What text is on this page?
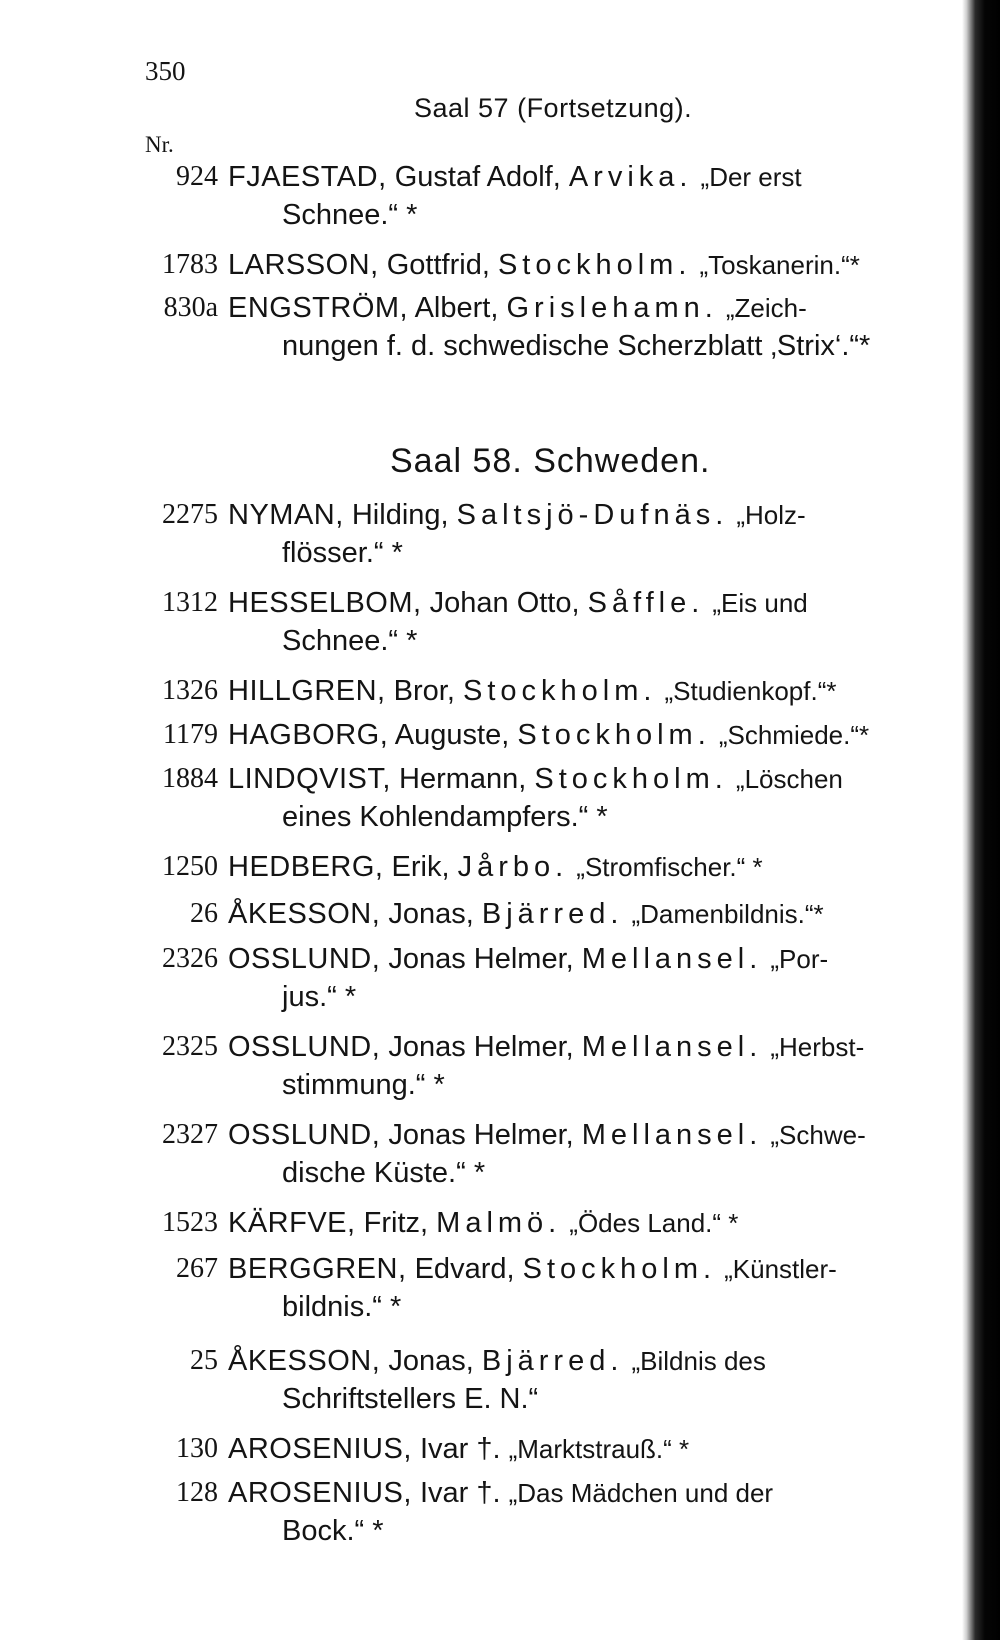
350
Saal 57 (Fortsetzung).
Nr.
Saal 58. Schweden.
924 FJAESTAD, Gustaf Adolf, Arvika. „Der erst
Schnee.“ *
1783 LARSSON, Gottfrid, Stockholm. „Toskanerin.“*
830a ENGSTRÖM, Albert, Grislehamn. „Zeich-
nungen f. d. schwedische Scherzblatt ‚Strix‘.“*
2275 NYMAN, Hilding, Saltsjö-Dufnäs. „Holz-
flösser.“ *
1312 HESSELBOM, Johan Otto, Såffle. „Eis und
Schnee.“ *
1326 HILLGREN, Bror, Stockholm. „Studienkopf.“*
1179 HAGBORG, Auguste, Stockholm. „Schmiede.“*
1884 LINDQVIST, Hermann, Stockholm. „Löschen
eines Kohlendampfers.“ *
1250 HEDBERG, Erik, Jårbo. „Stromfischer.“ *
26 ÅKESSON, Jonas, Bjärred. „Damenbildnis.“*
2326 OSSLUND, Jonas Helmer, Mellansel. „Por-
jus.“ *
2325 OSSLUND, Jonas Helmer, Mellansel. „Herbst-
stimmung.“ *
2327 OSSLUND, Jonas Helmer, Mellansel. „Schwe-
dische Küste.“ *
1523 KÄRFVE, Fritz, Malmö. „Ödes Land.“ *
267 BERGGREN, Edvard, Stockholm. „Künstler-
bildnis.“ *
25 ÅKESSON, Jonas, Bjärred. „Bildnis des
Schriftstellers E. N.“
130 AROSENIUS, Ivar †. „Marktstrauß.“ *
128 AROSENIUS, Ivar †. „Das Mädchen und der
Bock.“ *
